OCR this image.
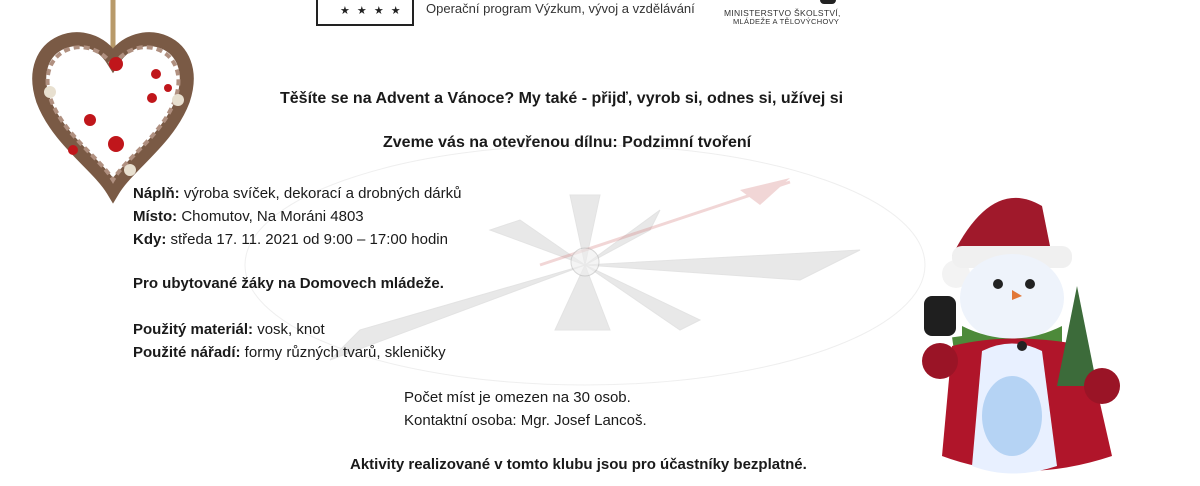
★ ★ ★ ★ Operační program Výzkum, vývoj a vzdělávání	MINISTERSTVO ŠKOLSTVÍ,
MLÁDEŽE A TĚLOVÝCHOVY
Těšíte se na Advent a Vánoce? My také - přijď, vyrob si, odnes si, užívej si
Zveme vás na otevřenou dílnu: Podzimní tvoření
Náplň: výroba svíček, dekorací a drobných dárků
Místo: Chomutov, Na Moráni 4803
Kdy: středa 17. 11. 2021 od 9:00 – 17:00 hodin
Pro ubytované žáky na Domovech mládeže.
Použitý materiál: vosk, knot
Použité nářadí: formy různých tvarů, skleničky
Počet míst je omezen na 30 osob.
Kontaktní osoba: Mgr. Josef Lancoš.
Aktivity realizované v tomto klubu jsou pro účastníky bezplatné.
